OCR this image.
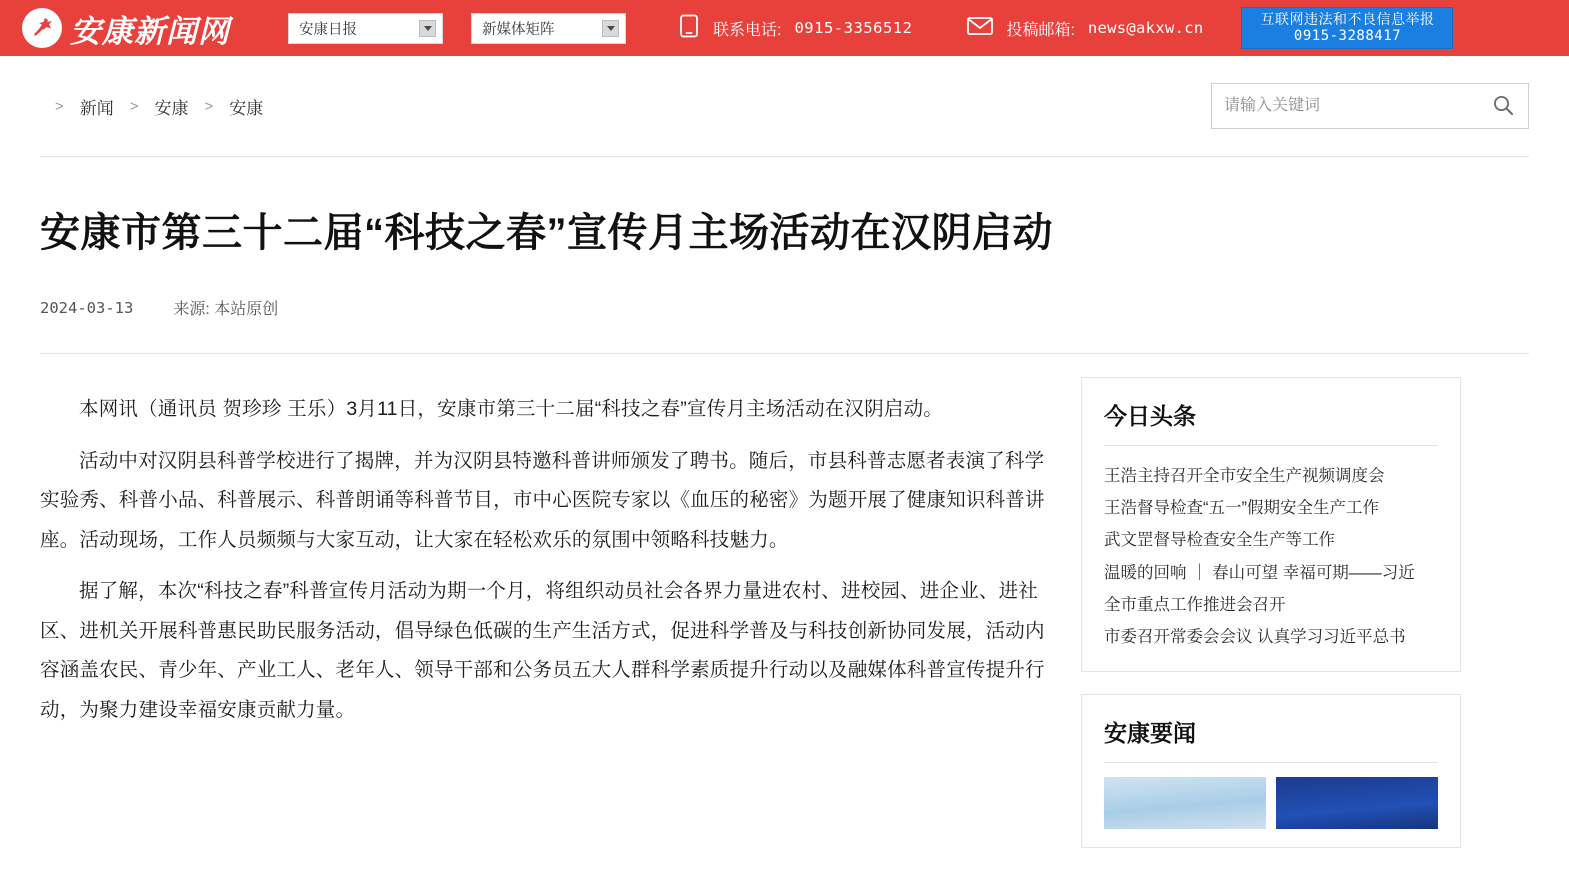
安康新闻网	安康日报	新媒体矩阵	联系电话: 0915-3356512	投稿邮箱: news@akxw.cn	互联网违法和不良信息举报
0915-3288417
> 新闻 > 安康 > 安康
请输入关键词
安康市第三十二届“科技之春”宣传月主场活动在汉阴启动
2024-03-13	来源: 本站原创

本网讯（通讯员 贺珍珍 王乐）3月11日，安康市第三十二届“科技之春”宣传月主场活动在汉阴启动。

活动中对汉阴县科普学校进行了揭牌，并为汉阴县特邀科普讲师颁发了聘书。随后，市县科普志愿者表演了科学实验秀、科普小品、科普展示、科普朗诵等科普节目，市中心医院专家以《血压的秘密》为题开展了健康知识科普讲座。活动现场，工作人员频频与大家互动，让大家在轻松欢乐的氛围中领略科技魅力。

据了解，本次“科技之春”科普宣传月活动为期一个月，将组织动员社会各界力量进农村、进校园、进企业、进社区、进机关开展科普惠民助民服务活动，倡导绿色低碳的生产生活方式，促进科学普及与科技创新协同发展，活动内容涵盖农民、青少年、产业工人、老年人、领导干部和公务员五大人群科学素质提升行动以及融媒体科普宣传提升行动，为聚力建设幸福安康贡献力量。

今日头条
王浩主持召开全市安全生产视频调度会
王浩督导检查“五一”假期安全生产工作
武文罡督导检查安全生产等工作
温暖的回响 ｜ 春山可望 幸福可期——习近
全市重点工作推进会召开
市委召开常委会会议 认真学习习近平总书
安康要闻
